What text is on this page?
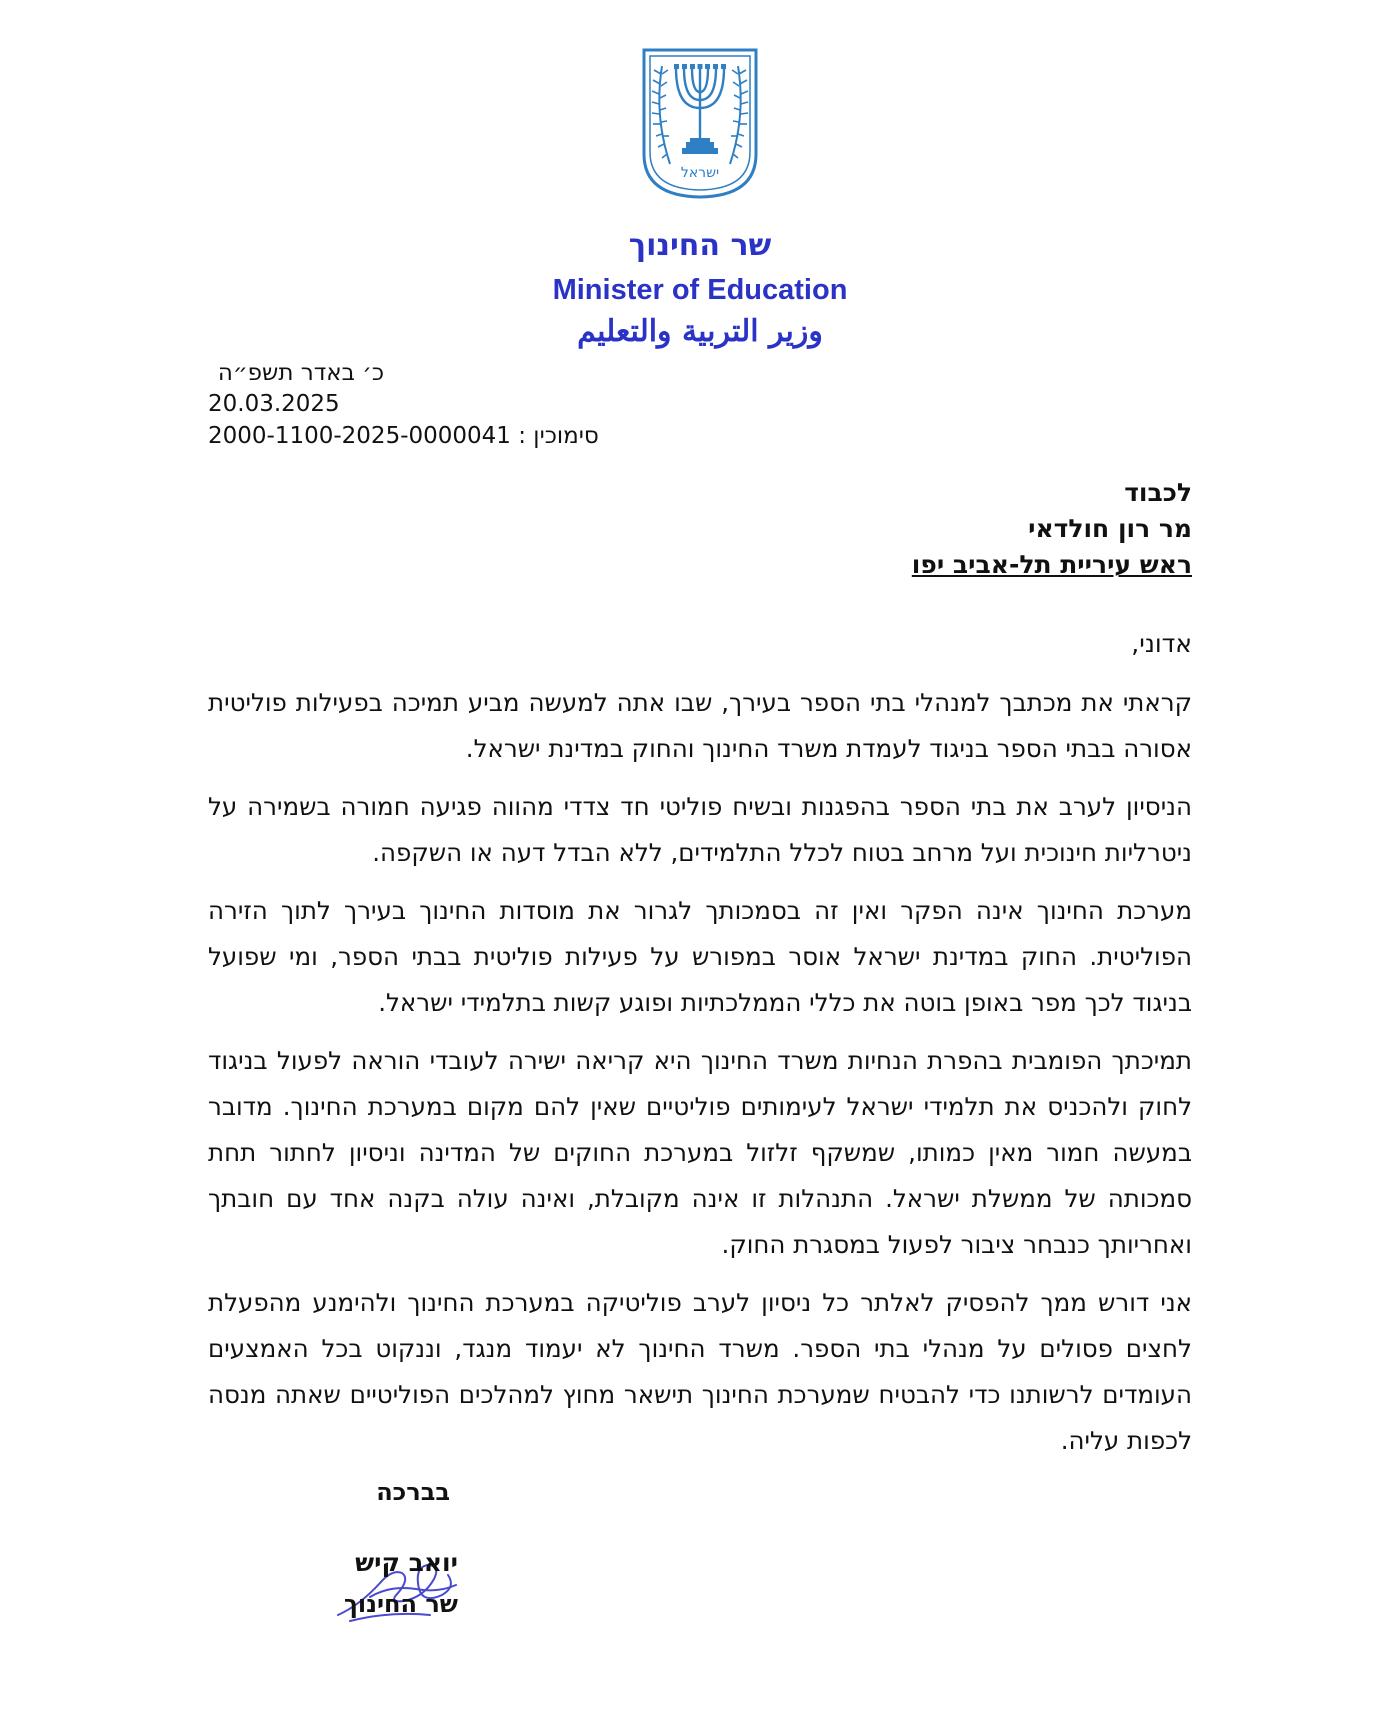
ישראל
שר החינוך
Minister of Education
وزير التربية والتعليم
כ׳ באדר תשפ״ה
20.03.2025
2000-1100-2025-0000041 סימוכין :
לכבוד
מר רון חולדאי
ראש עיריית תל-אביב יפו
אדוני,

קראתי את מכתבך למנהלי בתי הספר בעירך, שבו אתה למעשה מביע תמיכה בפעילות פוליטית אסורה בבתי הספר בניגוד לעמדת משרד החינוך והחוק במדינת ישראל.

הניסיון לערב את בתי הספר בהפגנות ובשיח פוליטי חד צדדי מהווה פגיעה חמורה בשמירה על ניטרליות חינוכית ועל מרחב בטוח לכלל התלמידים, ללא הבדל דעה או השקפה.

מערכת החינוך אינה הפקר ואין זה בסמכותך לגרור את מוסדות החינוך בעירך לתוך הזירה הפוליטית. החוק במדינת ישראל אוסר במפורש על פעילות פוליטית בבתי הספר, ומי שפועל בניגוד לכך מפר באופן בוטה את כללי הממלכתיות ופוגע קשות בתלמידי ישראל.

תמיכתך הפומבית בהפרת הנחיות משרד החינוך היא קריאה ישירה לעובדי הוראה לפעול בניגוד לחוק ולהכניס את תלמידי ישראל לעימותים פוליטיים שאין להם מקום במערכת החינוך. מדובר במעשה חמור מאין כמותו, שמשקף זלזול במערכת החוקים של המדינה וניסיון לחתור תחת סמכותה של ממשלת ישראל. התנהלות זו אינה מקובלת, ואינה עולה בקנה אחד עם חובתך ואחריותך כנבחר ציבור לפעול במסגרת החוק.

אני דורש ממך להפסיק לאלתר כל ניסיון לערב פוליטיקה במערכת החינוך ולהימנע מהפעלת לחצים פסולים על מנהלי בתי הספר. משרד החינוך לא יעמוד מנגד, וננקוט בכל האמצעים העומדים לרשותנו כדי להבטיח שמערכת החינוך תישאר מחוץ למהלכים הפוליטיים שאתה מנסה לכפות עליה.

בברכה
יואב קיש
שר החינוך
